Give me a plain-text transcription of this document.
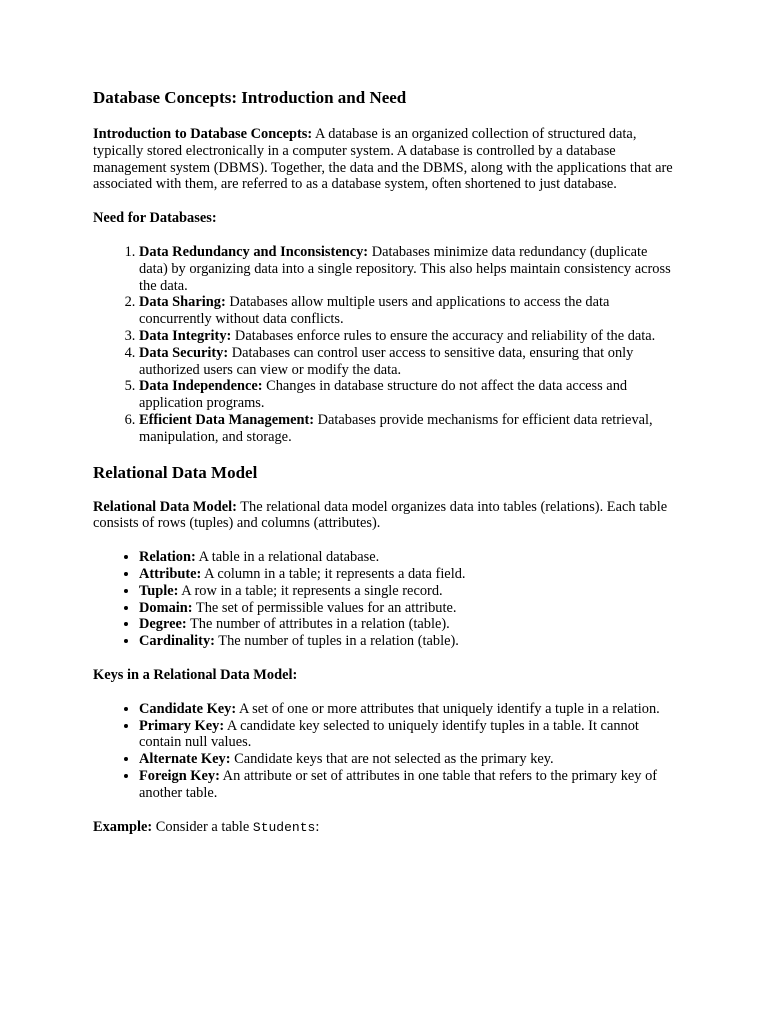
Database Concepts: Introduction and Need

Introduction to Database Concepts: A database is an organized collection of structured data, typically stored electronically in a computer system. A database is controlled by a database management system (DBMS). Together, the data and the DBMS, along with the applications that are associated with them, are referred to as a database system, often shortened to just database.

Need for Databases:

1. Data Redundancy and Inconsistency: Databases minimize data redundancy (duplicate data) by organizing data into a single repository. This also helps maintain consistency across the data.
2. Data Sharing: Databases allow multiple users and applications to access the data concurrently without data conflicts.
3. Data Integrity: Databases enforce rules to ensure the accuracy and reliability of the data.
4. Data Security: Databases can control user access to sensitive data, ensuring that only authorized users can view or modify the data.
5. Data Independence: Changes in database structure do not affect the data access and application programs.
6. Efficient Data Management: Databases provide mechanisms for efficient data retrieval, manipulation, and storage.
Relational Data Model

Relational Data Model: The relational data model organizes data into tables (relations). Each table consists of rows (tuples) and columns (attributes).

• Relation: A table in a relational database.
• Attribute: A column in a table; it represents a data field.
• Tuple: A row in a table; it represents a single record.
• Domain: The set of permissible values for an attribute.
• Degree: The number of attributes in a relation (table).
• Cardinality: The number of tuples in a relation (table).

Keys in a Relational Data Model:

• Candidate Key: A set of one or more attributes that uniquely identify a tuple in a relation.
• Primary Key: A candidate key selected to uniquely identify tuples in a table. It cannot contain null values.
• Alternate Key: Candidate keys that are not selected as the primary key.
• Foreign Key: An attribute or set of attributes in one table that refers to the primary key of another table.

Example: Consider a table Students:
